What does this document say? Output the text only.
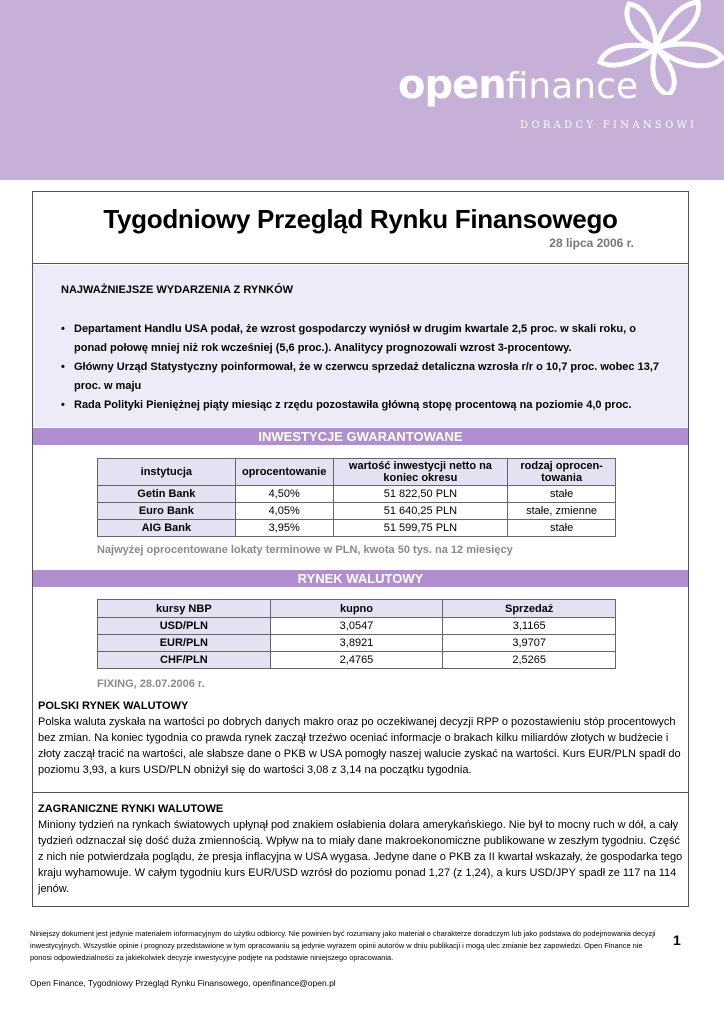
openfinance
DORADCY FINANSOWI
Tygodniowy Przegląd Rynku Finansowego
28 lipca 2006 r.
NAJWAŻNIEJSZE WYDARZENIA Z RYNKÓW
• Departament Handlu USA podał, że wzrost gospodarczy wyniósł w drugim kwartale 2,5 proc. w skali roku, o ponad połowę mniej niż rok wcześniej (5,6 proc.). Analitycy prognozowali wzrost 3-procentowy.
• Główny Urząd Statystyczny poinformował, że w czerwcu sprzedaż detaliczna wzrosła r/r o 10,7 proc. wobec 13,7 proc. w maju
• Rada Polityki Pieniężnej piąty miesiąc z rzędu pozostawiła główną stopę procentową na poziomie 4,0 proc.
INWESTYCJE GWARANTOWANE
instytucja	oprocentowanie	wartość inwestycji netto na koniec okresu	rodzaj oprocen-towania
Getin Bank	4,50%	51 822,50 PLN	stałe
Euro Bank	4,05%	51 640,25 PLN	stałe, zmienne
AIG Bank	3,95%	51 599,75 PLN	stałe
Najwyżej oprocentowane lokaty terminowe w PLN, kwota 50 tys. na 12 miesięcy
RYNEK WALUTOWY
kursy NBP	kupno	Sprzedaż
USD/PLN	3,0547	3,1165
EUR/PLN	3,8921	3,9707
CHF/PLN	2,4765	2,5265
FIXING, 28.07.2006 r.
POLSKI RYNEK WALUTOWY

Polska waluta zyskała na wartości po dobrych danych makro oraz po oczekiwanej decyzji RPP o pozostawieniu stóp procentowych bez zmian. Na koniec tygodnia co prawda rynek zaczął trzeźwo oceniać informacje o brakach kilku miliardów złotych w budżecie i złoty zaczął tracić na wartości, ale słabsze dane o PKB w USA pomogły naszej walucie zyskać na wartości. Kurs EUR/PLN spadł do poziomu 3,93, a kurs USD/PLN obniżył się do wartości 3,08 z 3,14 na początku tygodnia.

ZAGRANICZNE RYNKI WALUTOWE

Miniony tydzień na rynkach światowych upłynął pod znakiem osłabienia dolara amerykańskiego. Nie był to mocny ruch w dół, a cały tydzień odznaczał się dość duża zmiennością. Wpływ na to miały dane makroekonomiczne publikowane w zeszłym tygodniu. Część z nich nie potwierdzała poglądu, że presja inflacyjna w USA wygasa. Jedyne dane o PKB za II kwartał wskazały, że gospodarka tego kraju wyhamowuje. W całym tygodniu kurs EUR/USD wzrósł do poziomu ponad 1,27 (z 1,24), a kurs USD/JPY spadł ze 117 na 114 jenów.

Niniejszy dokument jest jedynie materiałem informacyjnym do użytku odbiorcy. Nie powinien być rozumiany jako materiał o charakterze doradczym lub jako podstawa do podejmowania decyzji inwestycyjnych. Wszystkie opinie i prognozy przedstawione w tym opracowaniu są jedynie wyrazem opinii autorów w dniu publikacji i mogą ulec zmianie bez zapowiedzi. Open Finance nie ponosi odpowiedzialności za jakiekolwiek decyzje inwestycyjne podjęte na podstawie niniejszego opracowania.
1
Open Finance, Tygodniowy Przegląd Rynku Finansowego, openfinance@open.pl
